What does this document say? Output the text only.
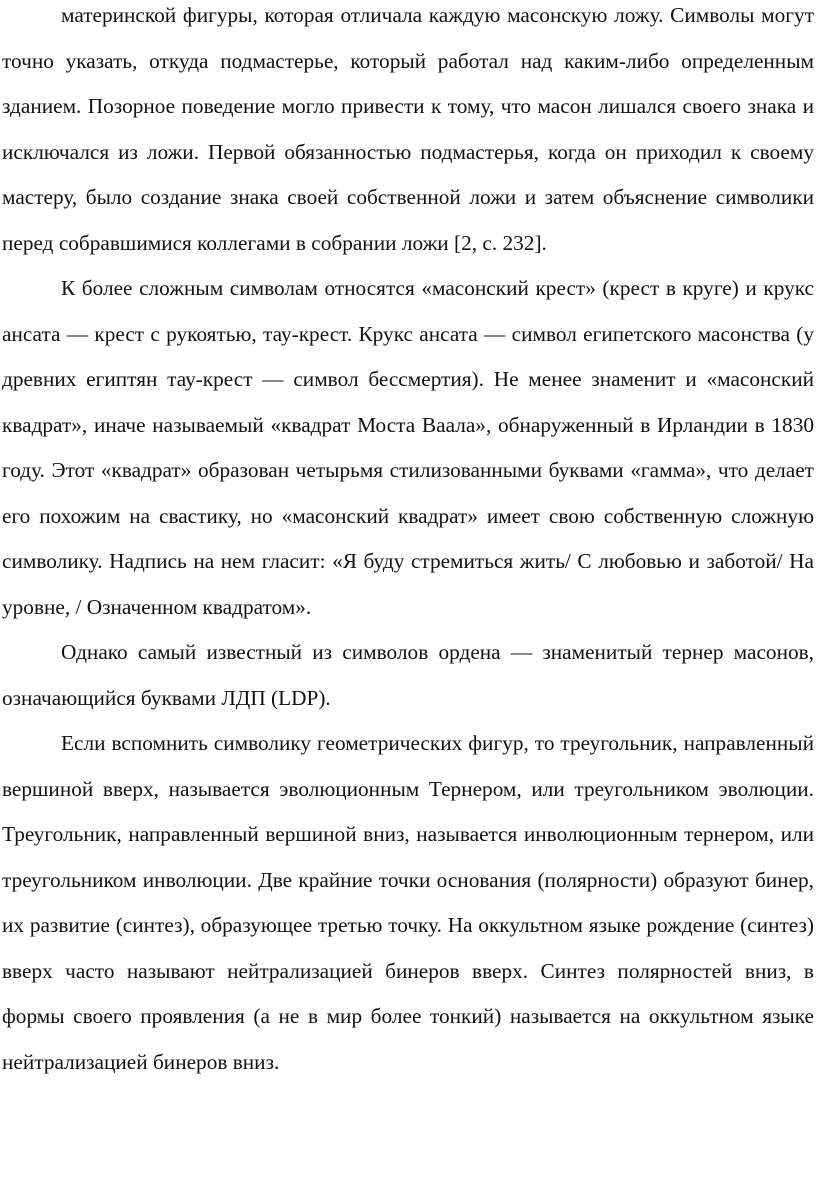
материнской фигуры, которая отличала каждую масонскую ложу. Символы могут точно указать, откуда подмастерье, который работал над каким-либо определенным зданием. Позорное поведение могло привести к тому, что масон лишался своего знака и исключался из ложи. Первой обязанностью подмастерья, когда он приходил к своему мастеру, было создание знака своей собственной ложи и затем объяснение символики перед собравшимися коллегами в собрании ложи [2, с. 232].

К более сложным символам относятся «масонский крест» (крест в круге) и крукс ансата — крест с рукоятью, тау-крест. Крукс ансата — символ египетского масонства (у древних египтян тау-крест — символ бессмертия). Не менее знаменит и «масонский квадрат», иначе называемый «квадрат Моста Ваала», обнаруженный в Ирландии в 1830 году. Этот «квадрат» образован четырьмя стилизованными буквами «гамма», что делает его похожим на свастику, но «масонский квадрат» имеет свою собственную сложную символику. Надпись на нем гласит: «Я буду стремиться жить/ С любовью и заботой/ На уровне, / Означенном квадратом».

Однако самый известный из символов ордена — знаменитый тернер масонов, означающийся буквами ЛДП (LDP).

Если вспомнить символику геометрических фигур, то треугольник, направленный вершиной вверх, называется эволюционным Тернером, или треугольником эволюции. Треугольник, направленный вершиной вниз, называется инволюционным тернером, или треугольником инволюции. Две крайние точки основания (полярности) образуют бинер, их развитие (синтез), образующее третью точку. На оккультном языке рождение (синтез) вверх часто называют нейтрализацией бинеров вверх. Синтез полярностей вниз, в формы своего проявления (а не в мир более тонкий) называется на оккультном языке нейтрализацией бинеров вниз.
